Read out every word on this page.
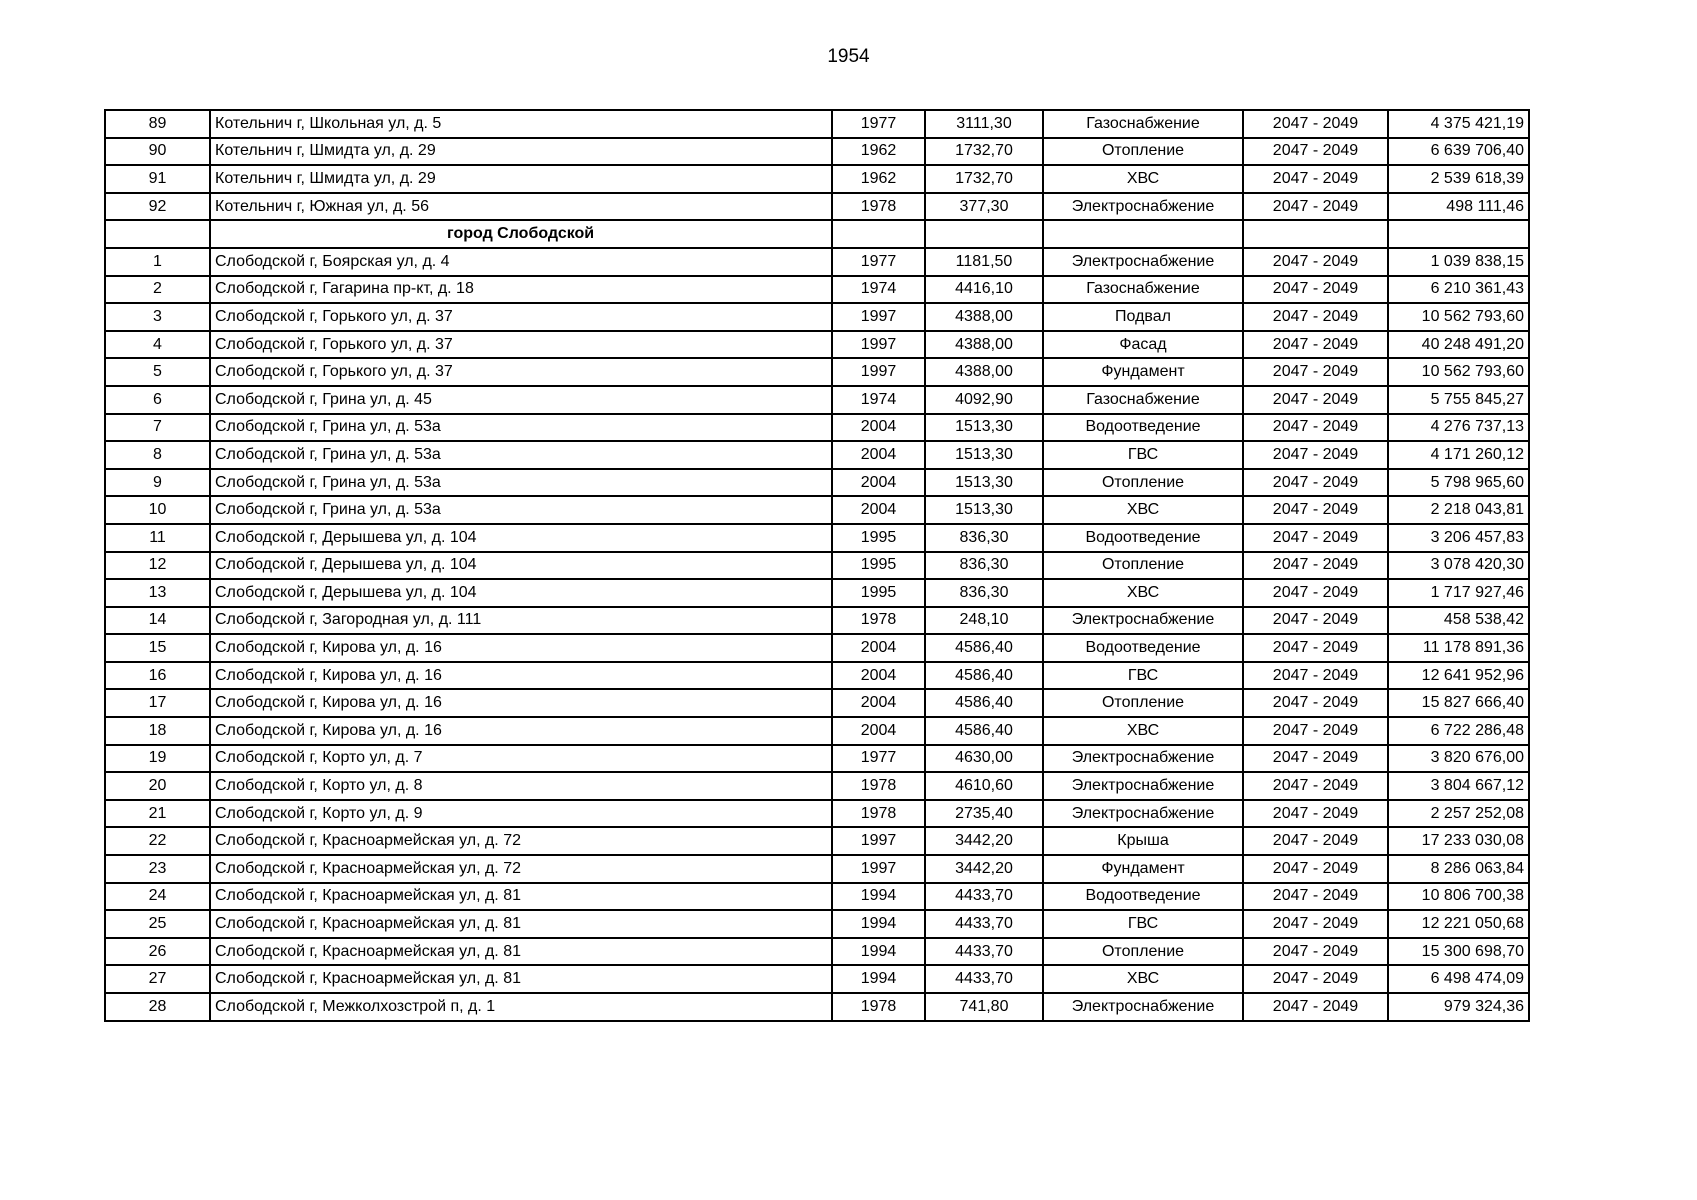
1954
89	Котельнич г, Школьная ул, д. 5	1977	3111,30	Газоснабжение	2047 - 2049	4 375 421,19
90	Котельнич г, Шмидта ул, д. 29	1962	1732,70	Отопление	2047 - 2049	6 639 706,40
91	Котельнич г, Шмидта ул, д. 29	1962	1732,70	ХВС	2047 - 2049	2 539 618,39
92	Котельнич г, Южная ул, д. 56	1978	377,30	Электроснабжение	2047 - 2049	498 111,46
	город Слободской					
1	Слободской г, Боярская ул, д. 4	1977	1181,50	Электроснабжение	2047 - 2049	1 039 838,15
2	Слободской г, Гагарина пр-кт, д. 18	1974	4416,10	Газоснабжение	2047 - 2049	6 210 361,43
3	Слободской г, Горького ул, д. 37	1997	4388,00	Подвал	2047 - 2049	10 562 793,60
4	Слободской г, Горького ул, д. 37	1997	4388,00	Фасад	2047 - 2049	40 248 491,20
5	Слободской г, Горького ул, д. 37	1997	4388,00	Фундамент	2047 - 2049	10 562 793,60
6	Слободской г, Грина ул, д. 45	1974	4092,90	Газоснабжение	2047 - 2049	5 755 845,27
7	Слободской г, Грина ул, д. 53а	2004	1513,30	Водоотведение	2047 - 2049	4 276 737,13
8	Слободской г, Грина ул, д. 53а	2004	1513,30	ГВС	2047 - 2049	4 171 260,12
9	Слободской г, Грина ул, д. 53а	2004	1513,30	Отопление	2047 - 2049	5 798 965,60
10	Слободской г, Грина ул, д. 53а	2004	1513,30	ХВС	2047 - 2049	2 218 043,81
11	Слободской г, Дерышева ул, д. 104	1995	836,30	Водоотведение	2047 - 2049	3 206 457,83
12	Слободской г, Дерышева ул, д. 104	1995	836,30	Отопление	2047 - 2049	3 078 420,30
13	Слободской г, Дерышева ул, д. 104	1995	836,30	ХВС	2047 - 2049	1 717 927,46
14	Слободской г, Загородная ул, д. 111	1978	248,10	Электроснабжение	2047 - 2049	458 538,42
15	Слободской г, Кирова ул, д. 16	2004	4586,40	Водоотведение	2047 - 2049	11 178 891,36
16	Слободской г, Кирова ул, д. 16	2004	4586,40	ГВС	2047 - 2049	12 641 952,96
17	Слободской г, Кирова ул, д. 16	2004	4586,40	Отопление	2047 - 2049	15 827 666,40
18	Слободской г, Кирова ул, д. 16	2004	4586,40	ХВС	2047 - 2049	6 722 286,48
19	Слободской г, Корто ул, д. 7	1977	4630,00	Электроснабжение	2047 - 2049	3 820 676,00
20	Слободской г, Корто ул, д. 8	1978	4610,60	Электроснабжение	2047 - 2049	3 804 667,12
21	Слободской г, Корто ул, д. 9	1978	2735,40	Электроснабжение	2047 - 2049	2 257 252,08
22	Слободской г, Красноармейская ул, д. 72	1997	3442,20	Крыша	2047 - 2049	17 233 030,08
23	Слободской г, Красноармейская ул, д. 72	1997	3442,20	Фундамент	2047 - 2049	8 286 063,84
24	Слободской г, Красноармейская ул, д. 81	1994	4433,70	Водоотведение	2047 - 2049	10 806 700,38
25	Слободской г, Красноармейская ул, д. 81	1994	4433,70	ГВС	2047 - 2049	12 221 050,68
26	Слободской г, Красноармейская ул, д. 81	1994	4433,70	Отопление	2047 - 2049	15 300 698,70
27	Слободской г, Красноармейская ул, д. 81	1994	4433,70	ХВС	2047 - 2049	6 498 474,09
28	Слободской г, Межколхозстрой п, д. 1	1978	741,80	Электроснабжение	2047 - 2049	979 324,36
